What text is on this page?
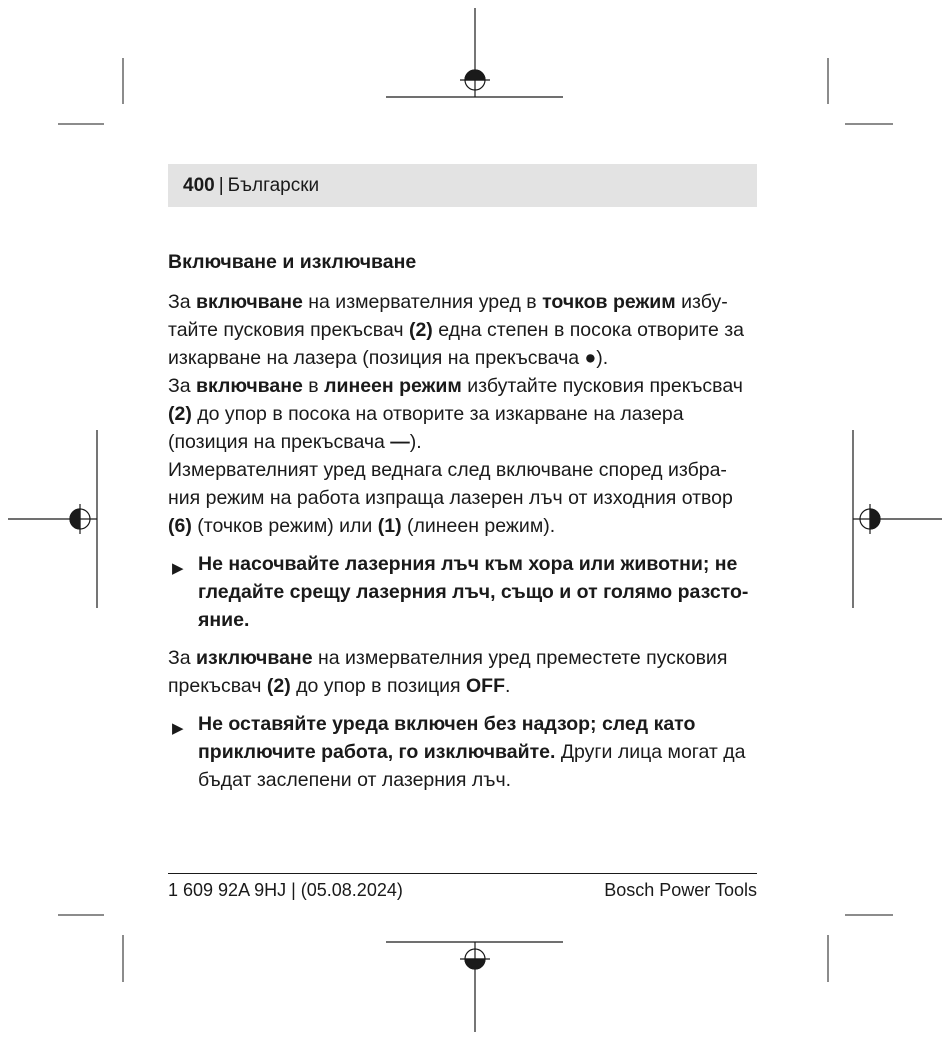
400 | Български

Включване и изключване

За включване на измервателния уред в точков режим избу-тайте пусковия прекъсвач (2) една степен в посока отворите за изкарване на лазера (позиция на прекъсвача ●).

За включване в линеен режим избутайте пусковия прекъсвач (2) до упор в посока на отворите за изкарване на лазера (позиция на прекъсвача —).

Измервателният уред веднага след включване според избра-ния режим на работа изпраща лазерен лъч от изходния отвор (6) (точков режим) или (1) (линеен режим).

▶ Не насочвайте лазерния лъч към хора или животни; не гледайте срещу лазерния лъч, също и от голямо разсто-яние.

За изключване на измервателния уред преместете пусковия прекъсвач (2) до упор в позиция OFF.

▶ Не оставяйте уреда включен без надзор; след като приключите работа, го изключвайте. Други лица могат да бъдат заслепени от лазерния лъч.

1 609 92A 9HJ | (05.08.2024)	Bosch Power Tools
